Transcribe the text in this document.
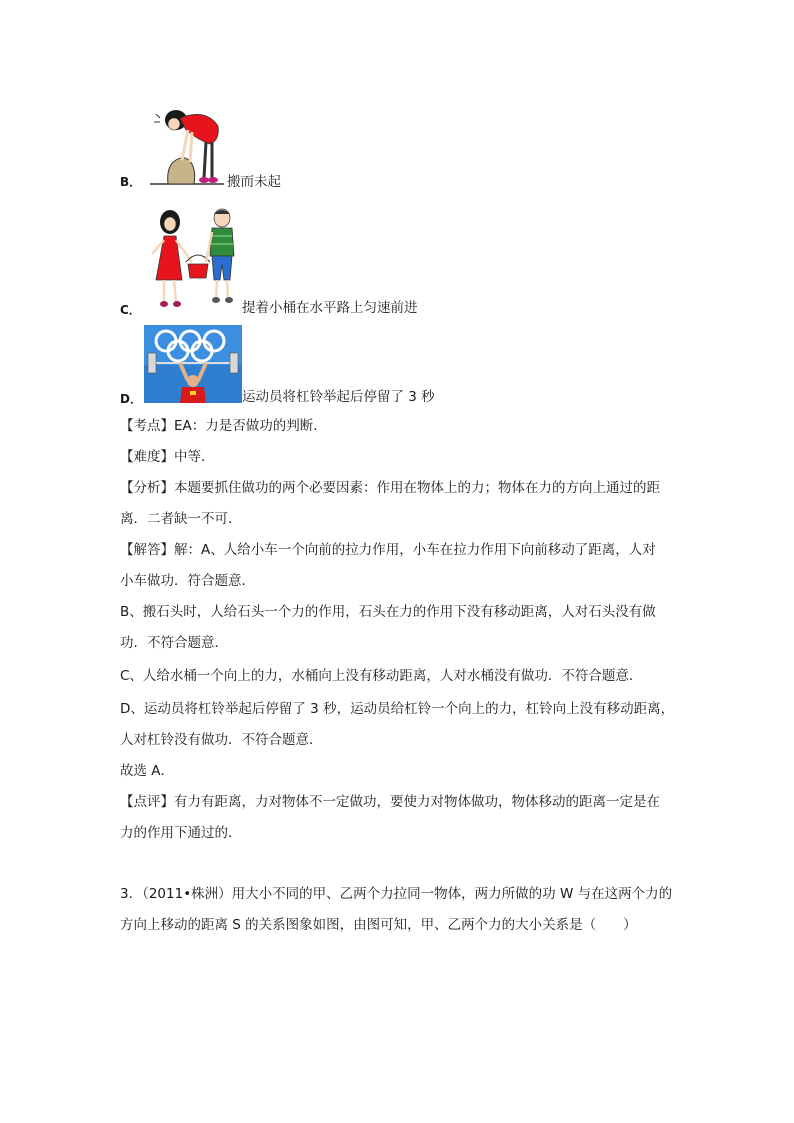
B．	搬而未起
C．	提着小桶在水平路上匀速前进
D．	运动员将杠铃举起后停留了 3 秒
【考点】EA：力是否做功的判断．
【难度】中等．
【分析】本题要抓住做功的两个必要因素：作用在物体上的力；物体在力的方向上通过的距
离．二者缺一不可．
【解答】解：A、人给小车一个向前的拉力作用，小车在拉力作用下向前移动了距离，人对
小车做功．符合题意．
B、搬石头时，人给石头一个力的作用，石头在力的作用下没有移动距离，人对石头没有做
功．不符合题意．
C、人给水桶一个向上的力，水桶向上没有移动距离，人对水桶没有做功．不符合题意．
D、运动员将杠铃举起后停留了 3 秒，运动员给杠铃一个向上的力，杠铃向上没有移动距离，
人对杠铃没有做功．不符合题意．
故选 A．
【点评】有力有距离，力对物体不一定做功，要使力对物体做功，物体移动的距离一定是在
力的作用下通过的．
3．（2011•株洲）用大小不同的甲、乙两个力拉同一物体，两力所做的功 W 与在这两个力的
方向上移动的距离 S 的关系图象如图，由图可知，甲、乙两个力的大小关系是（　　）
